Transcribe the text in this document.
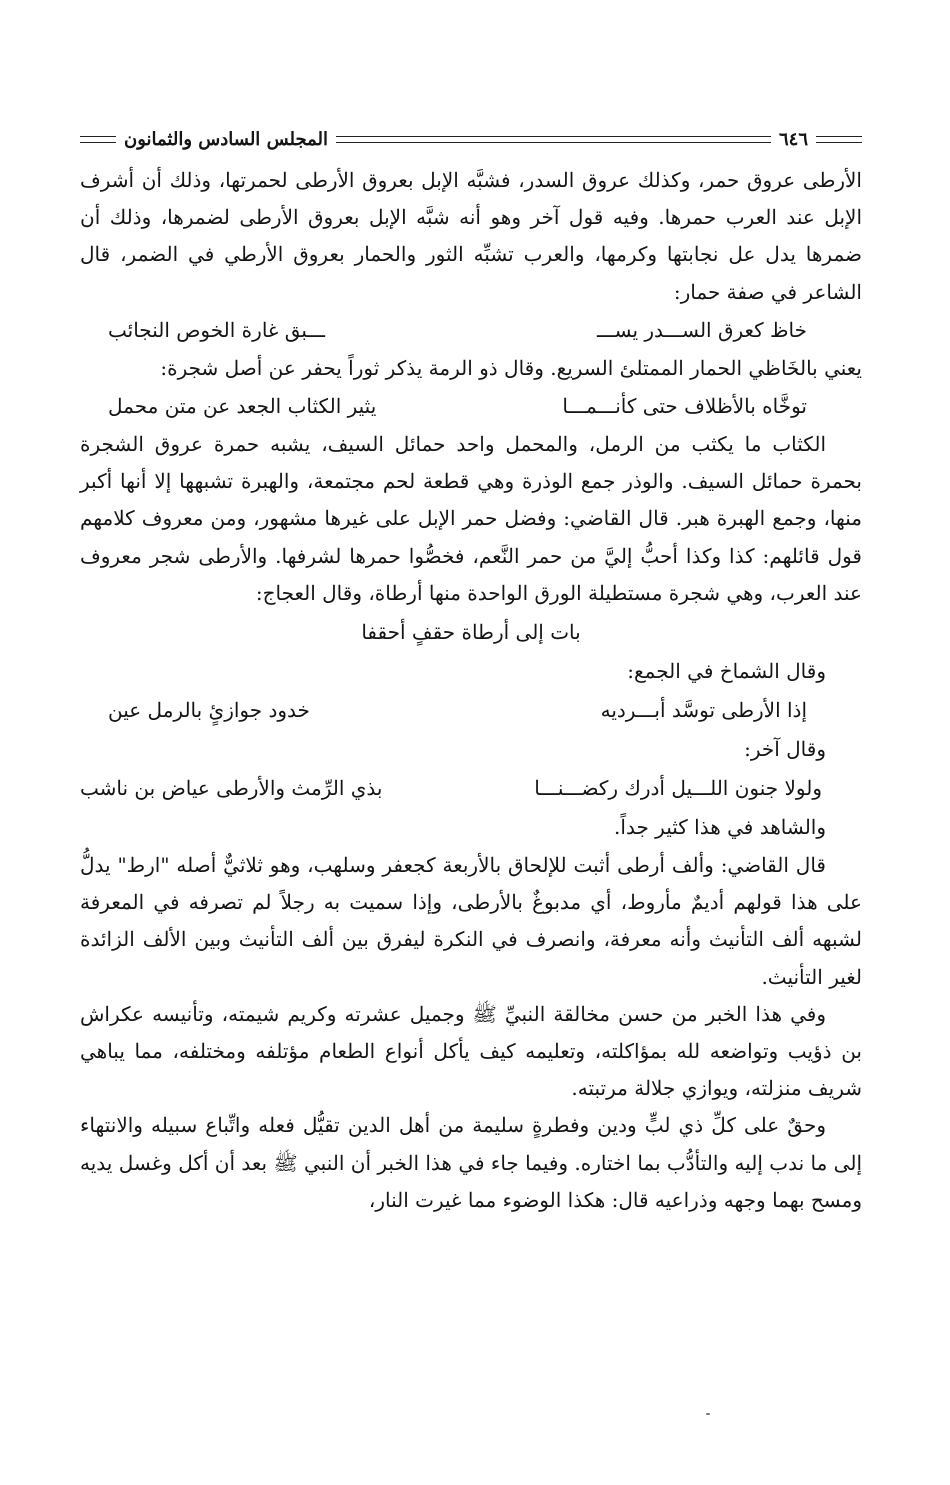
٦٤٦
المجلس السادس والثمانون

الأرطى عروق حمر، وكذلك عروق السدر، فشبَّه الإبل بعروق الأرطى لحمرتها، وذلك أن أشرف الإبل عند العرب حمرها. وفيه قول آخر وهو أنه شبَّه الإبل بعروق الأرطى لضمرها، وذلك أن ضمرها يدل عل نجابتها وكرمها، والعرب تشبِّه الثور والحمار بعروق الأرطي في الضمر، قال الشاعر في صفة حمار:

خاظ كعرق الســـدر يســـ
ـــبق غارة الخوص النجائب

يعني بالخَاظي الحمار الممتلئ السريع. وقال ذو الرمة يذكر ثوراً يحفر عن أصل شجرة:

توخَّاه بالأظلاف حتى كأنـــمـــا
يثير الكثاب الجعد عن متن محمل

الكثاب ما يكثب من الرمل، والمحمل واحد حمائل السيف، يشبه حمرة عروق الشجرة بحمرة حمائل السيف. والوذر جمع الوذرة وهي قطعة لحم مجتمعة، والهبرة تشبهها إلا أنها أكبر منها، وجمع الهبرة هبر. قال القاضي: وفضل حمر الإبل على غيرها مشهور، ومن معروف كلامهم قول قائلهم: كذا وكذا أحبُّ إليَّ من حمر النَّعم، فخصُّوا حمرها لشرفها. والأرطى شجر معروف عند العرب، وهي شجرة مستطيلة الورق الواحدة منها أرطاة، وقال العجاج:

بات إلى أرطاة حقفٍ أحقفا
وقال الشماخ في الجمع:
إذا الأرطى توسَّد أبـــرديه
خدود جوازئٍ بالرمل عين
وقال آخر:
ولولا جنون اللـــيل أدرك ركضـــنـــا
بذي الرِّمث والأرطى عياض بن ناشب
والشاهد في هذا كثير جداً.

قال القاضي: وألف أرطى أثبت للإلحاق بالأربعة كجعفر وسلهب، وهو ثلاثيٌّ أصله "ارط" يدلُّ على هذا قولهم أديمٌ مأروط، أي مدبوغٌ بالأرطى، وإذا سميت به رجلاً لم تصرفه في المعرفة لشبهه ألف التأنيث وأنه معرفة، وانصرف في النكرة ليفرق بين ألف التأنيث وبين الألف الزائدة لغير التأنيث.

وفي هذا الخبر من حسن مخالقة النبيِّ ﷺ وجميل عشرته وكريم شيمته، وتأنيسه عكراش بن ذؤيب وتواضعه لله بمؤاكلته، وتعليمه كيف يأكل أنواع الطعام مؤتلفه ومختلفه، مما يباهي شريف منزلته، ويوازي جلالة مرتبته.

وحقٌ على كلِّ ذي لبٍّ ودين وفطرةٍ سليمة من أهل الدين تقيُّل فعله واتِّباع سبيله والانتهاء إلى ما ندب إليه والتأدُّب بما اختاره. وفيما جاء في هذا الخبر أن النبي ﷺ بعد أن أكل وغسل يديه ومسح بهما وجهه وذراعيه قال: هكذا الوضوء مما غيرت النار،
